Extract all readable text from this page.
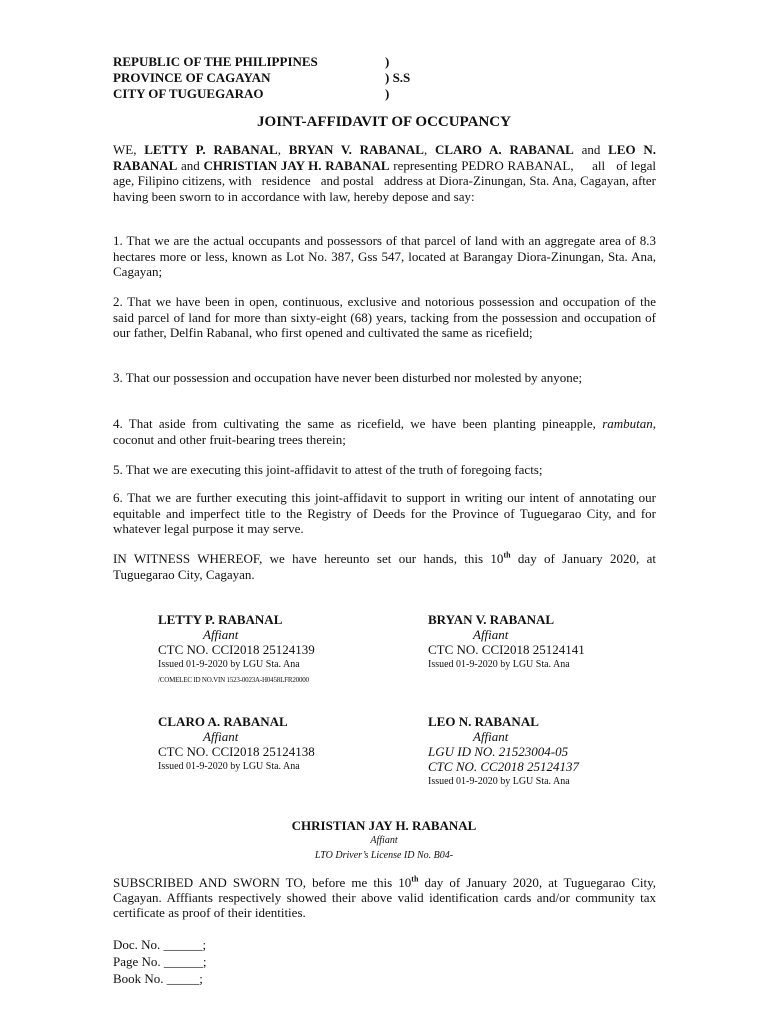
REPUBLIC OF THE PHILIPPINES	)
PROVINCE OF CAGAYAN	) S.S
CITY OF TUGUEGARAO	)
JOINT-AFFIDAVIT OF OCCUPANCY
WE, LETTY P. RABANAL, BRYAN V. RABANAL, CLARO A. RABANAL and LEO N. RABANAL and CHRISTIAN JAY H. RABANAL representing PEDRO RABANAL,     all   of legal age, Filipino citizens, with   residence   and postal   address at Diora-Zinungan, Sta. Ana, Cagayan, after having been sworn to in accordance with law, hereby depose and say:
1. That we are the actual occupants and possessors of that parcel of land with an aggregate area of 8.3 hectares more or less, known as Lot No. 387, Gss 547, located at Barangay Diora-Zinungan, Sta. Ana, Cagayan;
2. That we have been in open, continuous, exclusive and notorious possession and occupation of the said parcel of land for more than sixty-eight (68) years, tacking from the possession and occupation of our father, Delfin Rabanal, who first opened and cultivated the same as ricefield;
3. That our possession and occupation have never been disturbed nor molested by anyone;
4. That aside from cultivating the same as ricefield, we have been planting pineapple, rambutan, coconut and other fruit-bearing trees therein;
5. That we are executing this joint-affidavit to attest of the truth of foregoing facts;
6. That we are further executing this joint-affidavit to support in writing our intent of annotating our equitable and imperfect title to the Registry of Deeds for the Province of Tuguegarao City, and for whatever legal purpose it may serve.
IN WITNESS WHEREOF, we have hereunto set our hands, this 10th day of January 2020, at Tuguegarao City, Cagayan.
LETTY P. RABANAL
Affiant
CTC NO. CCI2018 25124139
Issued 01-9-2020 by LGU Sta. Ana
/COMELEC ID NO.VIN 1523-0023A-H0458LFR20000
BRYAN V. RABANAL
Affiant
CTC NO. CCI2018 25124141
Issued 01-9-2020 by LGU Sta. Ana
CLARO A. RABANAL
Affiant
CTC NO. CCI2018 25124138
Issued 01-9-2020 by LGU Sta. Ana
LEO N. RABANAL
Affiant
LGU ID NO. 21523004-05
CTC NO. CC2018 25124137
Issued 01-9-2020 by LGU Sta. Ana
CHRISTIAN JAY H. RABANAL
Affiant
LTO Driver’s License ID No. B04-
SUBSCRIBED AND SWORN TO, before me this 10th day of January 2020, at Tuguegarao City, Cagayan. Afffiants respectively showed their above valid identification cards and/or community tax certificate as proof of their identities.
Doc. No. ______;
Page No. ______;
Book No. _____;
